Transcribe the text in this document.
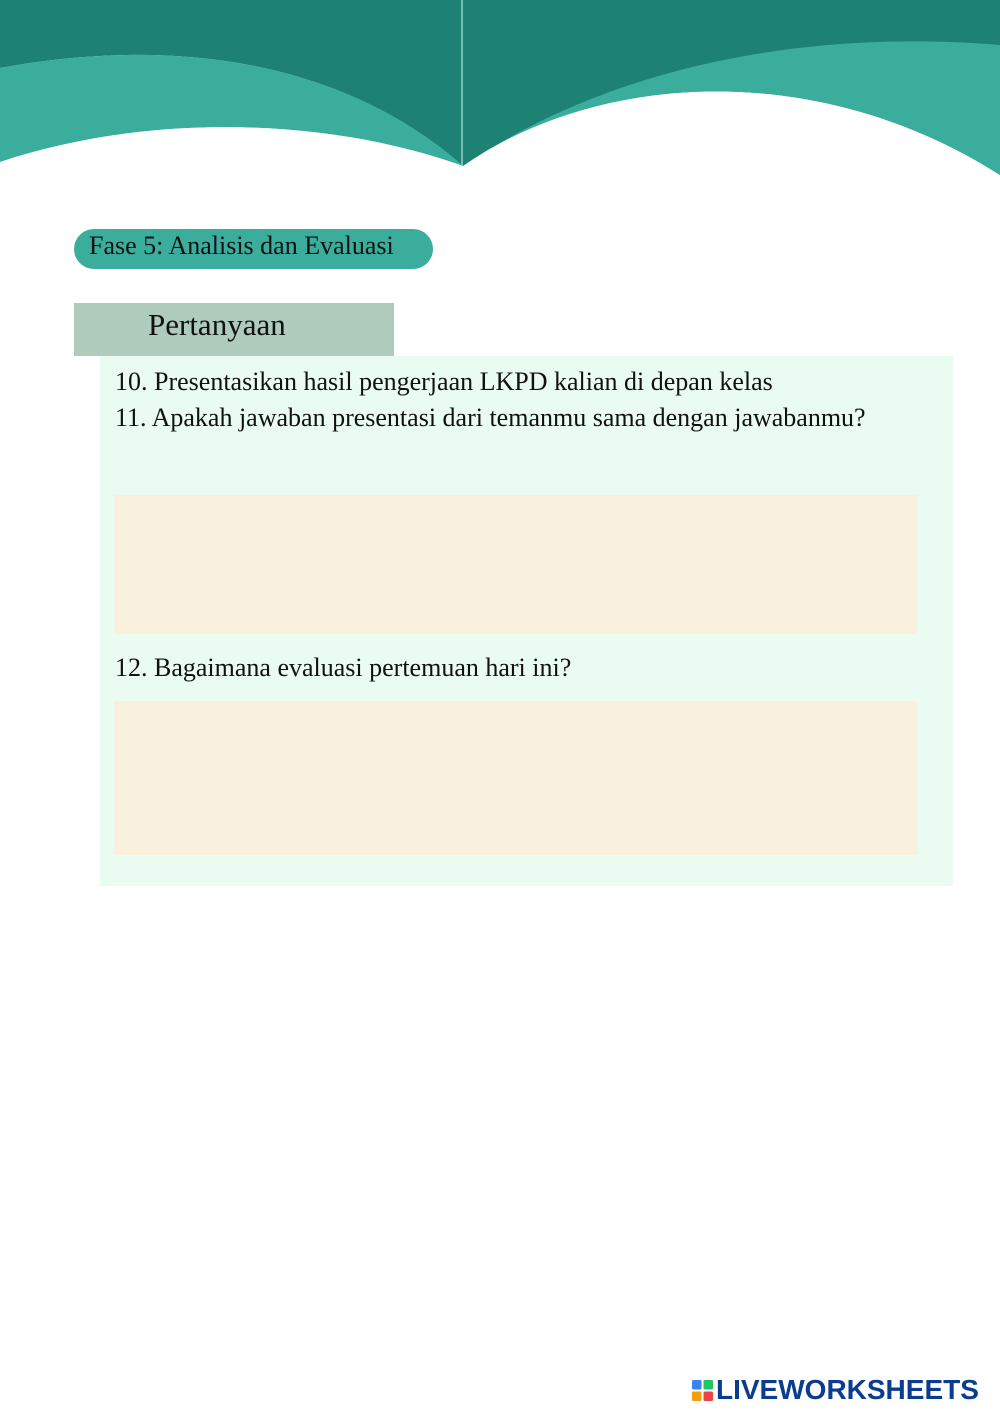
Fase 5: Analisis dan Evaluasi
Pertanyaan
10. Presentasikan hasil pengerjaan LKPD kalian di depan kelas
11. Apakah jawaban presentasi dari temanmu sama dengan jawabanmu?
12. Bagaimana evaluasi pertemuan hari ini?
LIVEWORKSHEETS
